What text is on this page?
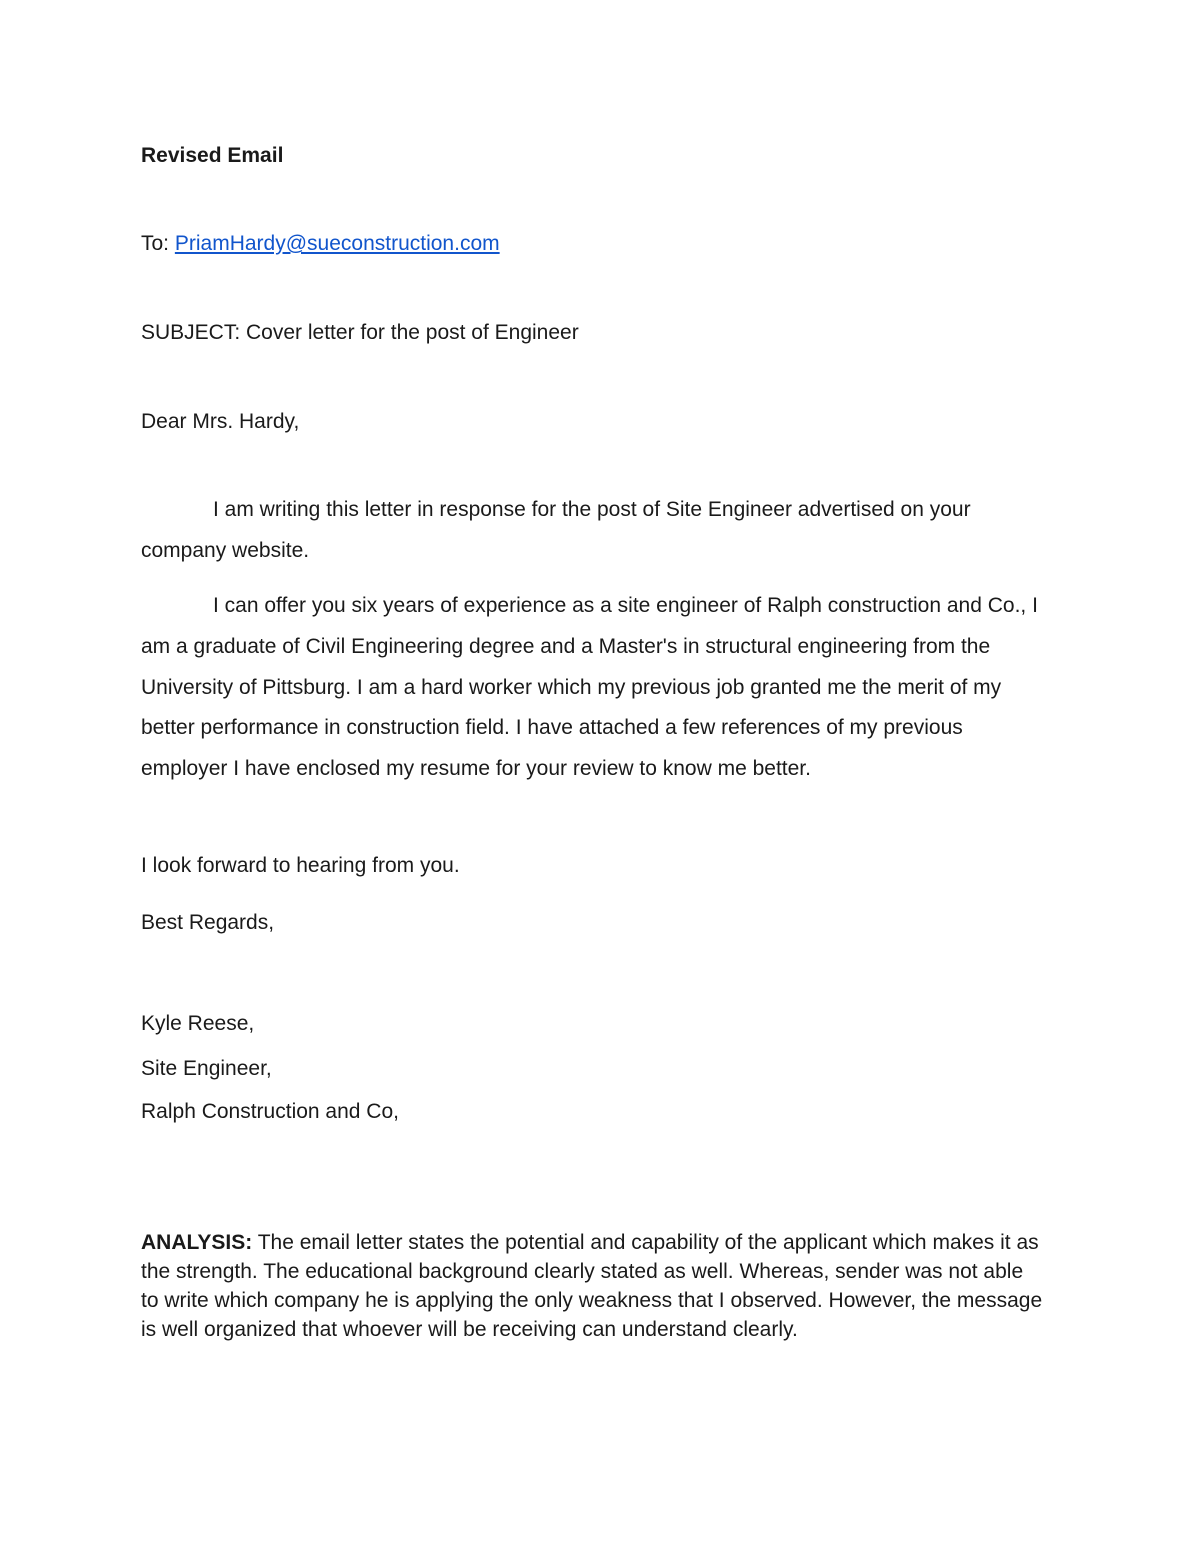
Revised Email

To: PriamHardy@sueconstruction.com

SUBJECT: Cover letter for the post of Engineer

Dear Mrs. Hardy,

I am writing this letter in response for the post of Site Engineer advertised on your company website.

I can offer you six years of experience as a site engineer of Ralph construction and Co., I am a graduate of Civil Engineering degree and a Master's in structural engineering from the University of Pittsburg. I am a hard worker which my previous job granted me the merit of my better performance in construction field. I have attached a few references of my previous employer I have enclosed my resume for your review to know me better.

I look forward to hearing from you.

Best Regards,

Kyle Reese,

Site Engineer,

Ralph Construction and Co,

ANALYSIS: The email letter states the potential and capability of the applicant which makes it as the strength. The educational background clearly stated as well. Whereas, sender was not able to write which company he is applying the only weakness that I observed. However, the message is well organized that whoever will be receiving can understand clearly.
